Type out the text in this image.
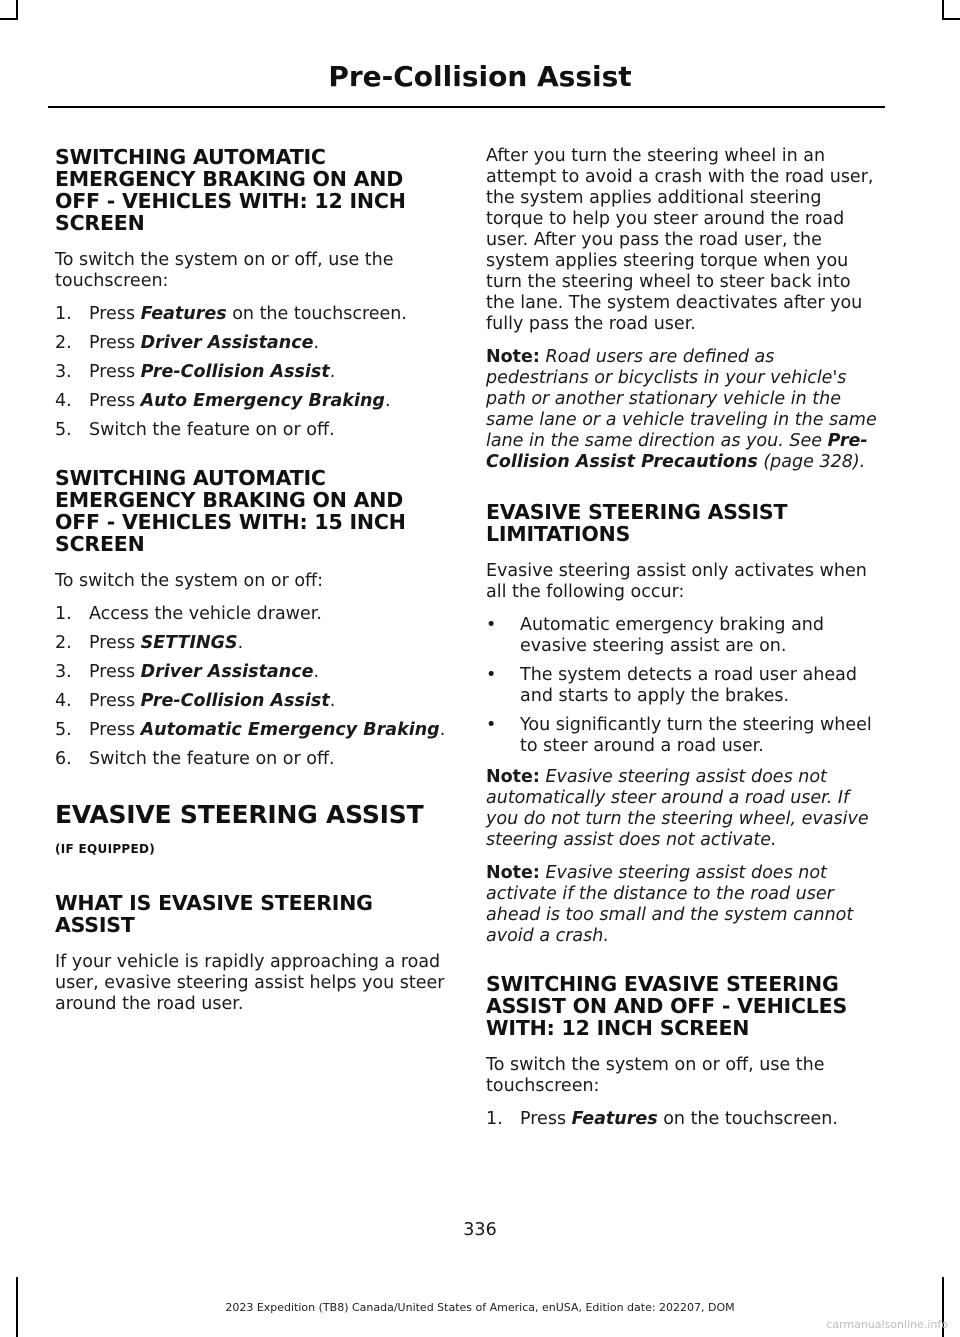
Pre-Collision Assist
SWITCHING AUTOMATIC EMERGENCY BRAKING ON AND OFF - VEHICLES WITH: 12 INCH SCREEN

To switch the system on or off, use the touchscreen:

1. Press Features on the touchscreen.
2. Press Driver Assistance.
3. Press Pre-Collision Assist.
4. Press Auto Emergency Braking.
5. Switch the feature on or off.
SWITCHING AUTOMATIC EMERGENCY BRAKING ON AND OFF - VEHICLES WITH: 15 INCH SCREEN

To switch the system on or off:

1. Access the vehicle drawer.
2. Press SETTINGS.
3. Press Driver Assistance.
4. Press Pre-Collision Assist.
5. Press Automatic Emergency Braking.
6. Switch the feature on or off.
EVASIVE STEERING ASSIST (IF EQUIPPED)
WHAT IS EVASIVE STEERING ASSIST

If your vehicle is rapidly approaching a road user, evasive steering assist helps you steer around the road user.

After you turn the steering wheel in an attempt to avoid a crash with the road user, the system applies additional steering torque to help you steer around the road user. After you pass the road user, the system applies steering torque when you turn the steering wheel to steer back into the lane. The system deactivates after you fully pass the road user.

Note: Road users are defined as pedestrians or bicyclists in your vehicle's path or another stationary vehicle in the same lane or a vehicle traveling in the same lane in the same direction as you. See Pre-Collision Assist Precautions (page 328).
EVASIVE STEERING ASSIST LIMITATIONS

Evasive steering assist only activates when all the following occur:

•	Automatic emergency braking and evasive steering assist are on.
•	The system detects a road user ahead and starts to apply the brakes.
•	You significantly turn the steering wheel to steer around a road user.
Note: Evasive steering assist does not automatically steer around a road user. If you do not turn the steering wheel, evasive steering assist does not activate.
Note: Evasive steering assist does not activate if the distance to the road user ahead is too small and the system cannot avoid a crash.
SWITCHING EVASIVE STEERING ASSIST ON AND OFF - VEHICLES WITH: 12 INCH SCREEN

To switch the system on or off, use the touchscreen:

1. Press Features on the touchscreen.
336
2023 Expedition (TB8) Canada/United States of America, enUSA, Edition date: 202207, DOM
carmanualsonline.info
